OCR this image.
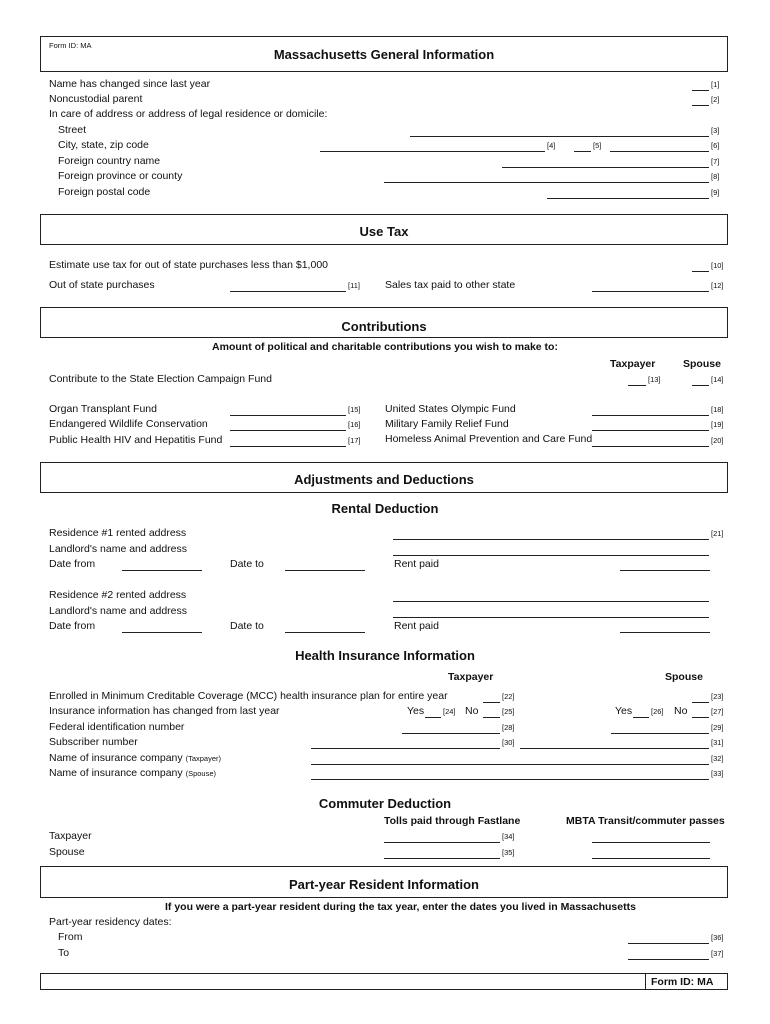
Form ID: MA
Massachusetts General Information
Name has changed since last year	[1]
Noncustodial parent	[2]
In care of address or address of legal residence or domicile:
Street	[3]
City, state, zip code	[4]	[5]	[6]
Foreign country name	[7]
Foreign province or county	[8]
Foreign postal code	[9]
Use Tax
Estimate use tax for out of state purchases less than $1,000	[10]
Out of state purchases	[11] Sales tax paid to other state	[12]
Contributions
Amount of political and charitable contributions you wish to make to:
Taxpayer	Spouse
Contribute to the State Election Campaign Fund	[13]	[14]
Organ Transplant Fund	[15] United States Olympic Fund	[18]
Endangered Wildlife Conservation	[16] Military Family Relief Fund	[19]
Public Health HIV and Hepatitis Fund	[17] Homeless Animal Prevention and Care Fund	[20]
Adjustments and Deductions
Rental Deduction
Residence #1 rented address	[21]
Landlord's name and address
Date from	Date to	Rent paid
Residence #2 rented address
Landlord's name and address
Date from	Date to	Rent paid
Health Insurance Information
Taxpayer	Spouse
Enrolled in Minimum Creditable Coverage (MCC) health insurance plan for entire year	[22]	[23]
Insurance information has changed from last year	Yes	[24] No	[25]	Yes	[26] No	[27]
Federal identification number	[28]	[29]
Subscriber number	[30]	[31]
Name of insurance company (Taxpayer)	[32]
Name of insurance company (Spouse)	[33]
Commuter Deduction
Tolls paid through Fastlane	MBTA Transit/commuter passes
Taxpayer	[34]
Spouse	[35]
Part-year Resident Information
If you were a part-year resident during the tax year, enter the dates you lived in Massachusetts
Part-year residency dates:
From	[36]
To	[37]
Form ID: MA
